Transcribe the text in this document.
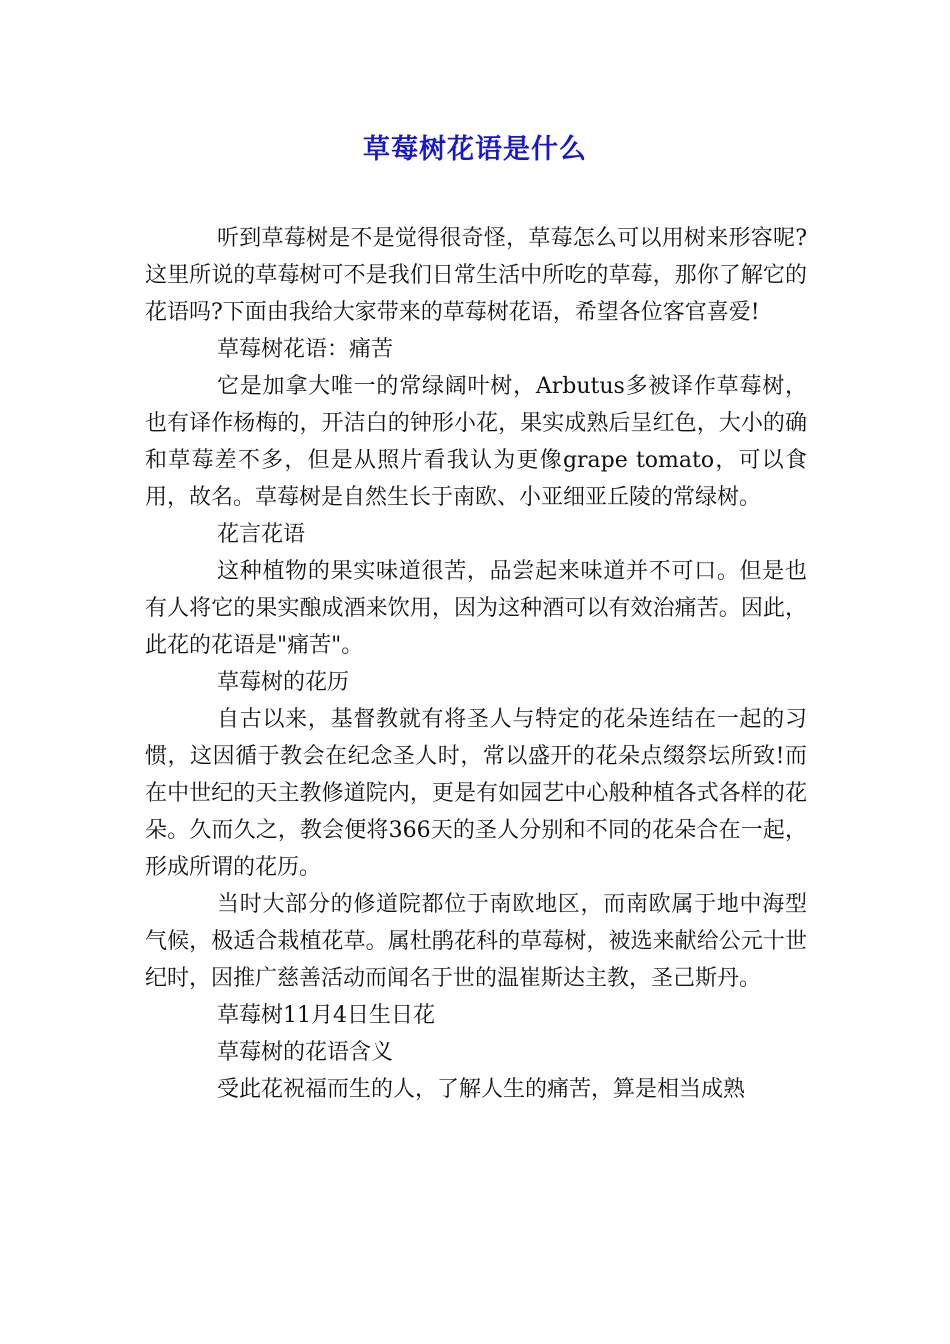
草莓树花语是什么

听到草莓树是不是觉得很奇怪，草莓怎么可以用树来形容呢?这里所说的草莓树可不是我们日常生活中所吃的草莓，那你了解它的花语吗?下面由我给大家带来的草莓树花语，希望各位客官喜爱!

草莓树花语：痛苦

它是加拿大唯一的常绿阔叶树，Arbutus多被译作草莓树，也有译作杨梅的，开洁白的钟形小花，果实成熟后呈红色，大小的确和草莓差不多，但是从照片看我认为更像grape tomato，可以食用，故名。草莓树是自然生长于南欧、小亚细亚丘陵的常绿树。

花言花语

这种植物的果实味道很苦，品尝起来味道并不可口。但是也有人将它的果实酿成酒来饮用，因为这种酒可以有效治痛苦。因此，此花的花语是"痛苦"。

草莓树的花历

自古以来，基督教就有将圣人与特定的花朵连结在一起的习惯，这因循于教会在纪念圣人时，常以盛开的花朵点缀祭坛所致!而在中世纪的天主教修道院内，更是有如园艺中心般种植各式各样的花朵。久而久之，教会便将366天的圣人分别和不同的花朵合在一起，形成所谓的花历。

当时大部分的修道院都位于南欧地区，而南欧属于地中海型气候，极适合栽植花草。属杜鹃花科的草莓树，被选来献给公元十世纪时，因推广慈善活动而闻名于世的温崔斯达主教，圣己斯丹。

草莓树11月4日生日花

草莓树的花语含义

受此花祝福而生的人，了解人生的痛苦，算是相当成熟
